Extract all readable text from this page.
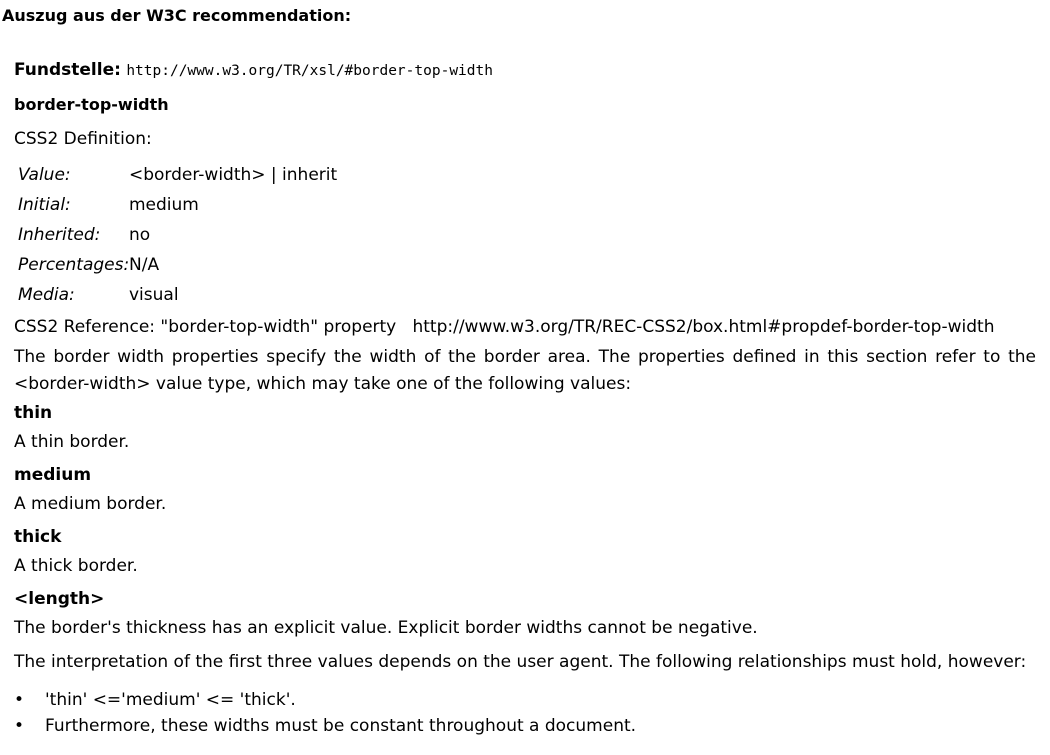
Auszug aus der W3C recommendation:
Fundstelle: http://www.w3.org/TR/xsl/#border-top-width
border-top-width
CSS2 Definition:
Value:	<border-width> | inherit
Initial:	medium
Inherited: no
Percentages: N/A
Media:	visual
CSS2 Reference: "border-top-width" property http://www.w3.org/TR/REC-CSS2/box.html#propdef-border-top-width
The border width properties specify the width of the border area. The properties defined in this section refer to the <border-width> value type, which may take one of the following values:
thin
A thin border.
medium
A medium border.
thick
A thick border.
<length>
The border's thickness has an explicit value. Explicit border widths cannot be negative.
The interpretation of the first three values depends on the user agent. The following relationships must hold, however:
• 'thin' <='medium' <= 'thick'.
• Furthermore, these widths must be constant throughout a document.
